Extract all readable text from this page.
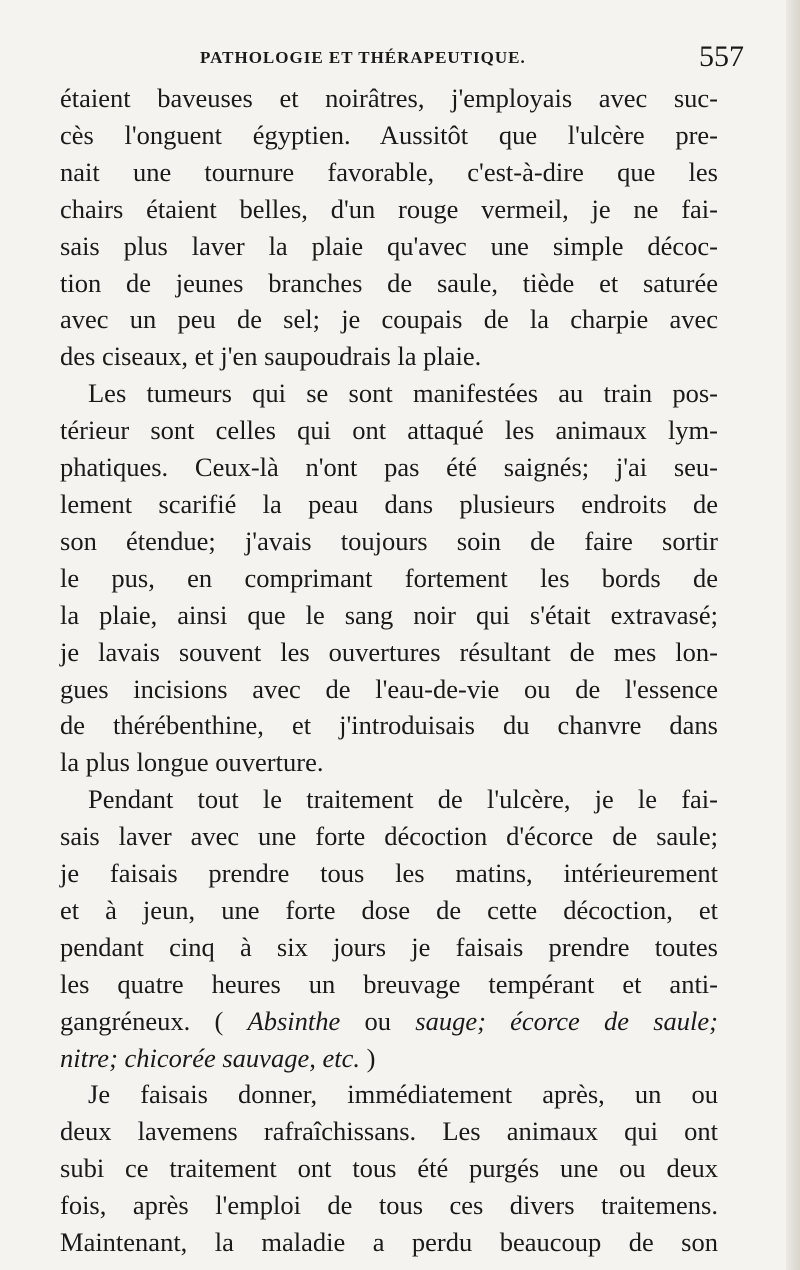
PATHOLOGIE ET THÉRAPEUTIQUE.	557

étaient baveuses et noirâtres, j'employais avec suc-
cès l'onguent égyptien. Aussitôt que l'ulcère pre-
nait une tournure favorable, c'est-à-dire que les
chairs étaient belles, d'un rouge vermeil, je ne fai-
sais plus laver la plaie qu'avec une simple décoc-
tion de jeunes branches de saule, tiède et saturée
avec un peu de sel; je coupais de la charpie avec
des ciseaux, et j'en saupoudrais la plaie.

Les tumeurs qui se sont manifestées au train pos-
térieur sont celles qui ont attaqué les animaux lym-
phatiques. Ceux-là n'ont pas été saignés; j'ai seu-
lement scarifié la peau dans plusieurs endroits de
son étendue; j'avais toujours soin de faire sortir
le pus, en comprimant fortement les bords de
la plaie, ainsi que le sang noir qui s'était extravasé;
je lavais souvent les ouvertures résultant de mes lon-
gues incisions avec de l'eau-de-vie ou de l'essence
de thérébenthine, et j'introduisais du chanvre dans
la plus longue ouverture.

Pendant tout le traitement de l'ulcère, je le fai-
sais laver avec une forte décoction d'écorce de saule;
je faisais prendre tous les matins, intérieurement
et à jeun, une forte dose de cette décoction, et
pendant cinq à six jours je faisais prendre toutes
les quatre heures un breuvage tempérant et anti-
gangréneux. ( Absinthe ou sauge; écorce de saule;
nitre; chicorée sauvage, etc. )

Je faisais donner, immédiatement après, un ou
deux lavemens rafraîchissans. Les animaux qui ont
subi ce traitement ont tous été purgés une ou deux
fois, après l'emploi de tous ces divers traitemens.
Maintenant, la maladie a perdu beaucoup de son
